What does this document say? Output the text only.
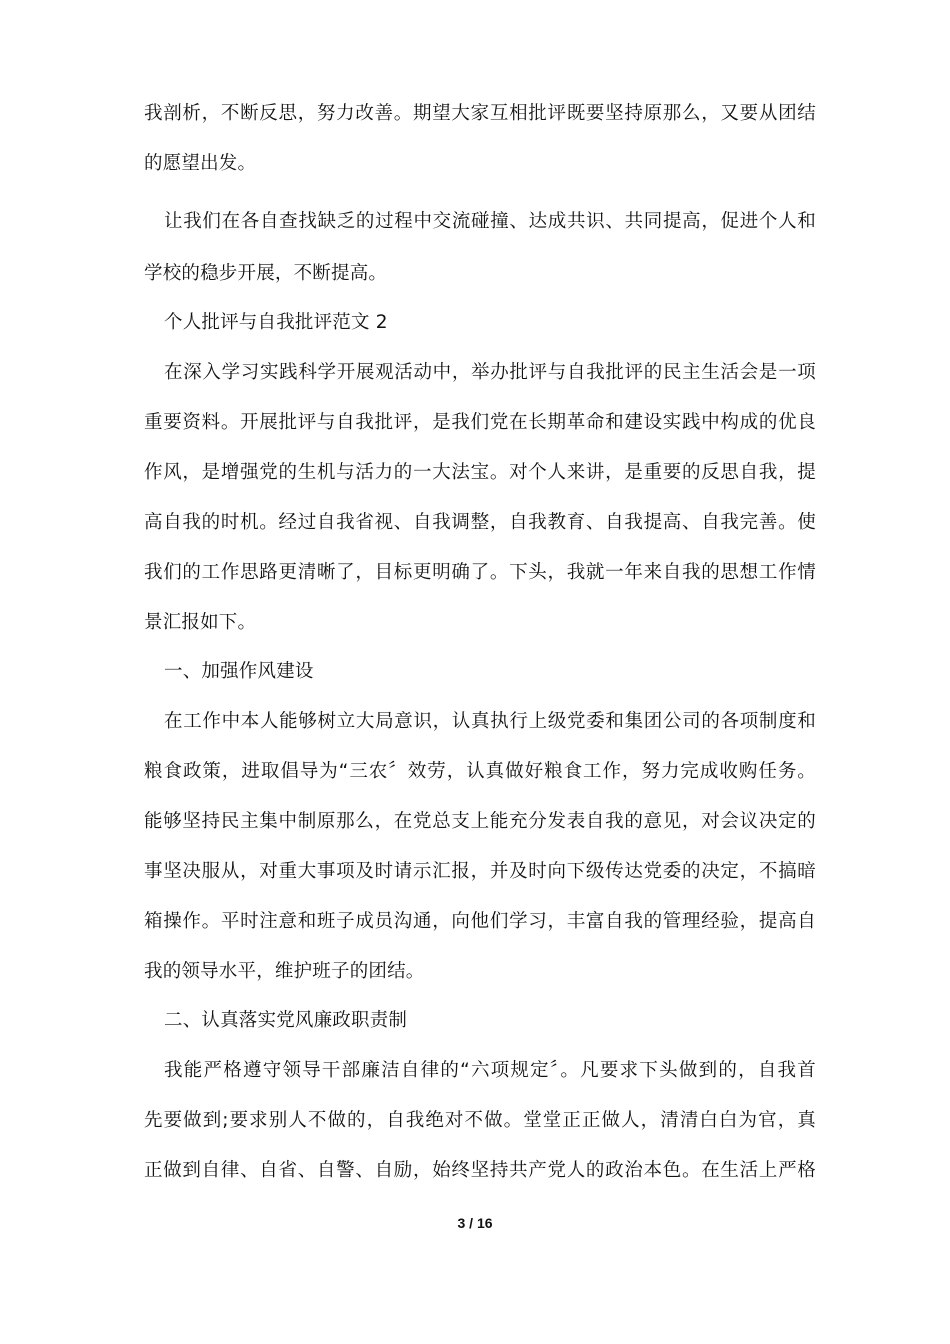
我剖析，不断反思，努力改善。期望大家互相批评既要坚持原那么，又要从团结
的愿望出发。
让我们在各自查找缺乏的过程中交流碰撞、达成共识、共同提高，促进个人和
学校的稳步开展，不断提高。
个人批评与自我批评范文 2
在深入学习实践科学开展观活动中，举办批评与自我批评的民主生活会是一项
重要资料。开展批评与自我批评，是我们党在长期革命和建设实践中构成的优良
作风，是增强党的生机与活力的一大法宝。对个人来讲，是重要的反思自我，提
高自我的时机。经过自我省视、自我调整，自我教育、自我提高、自我完善。使
我们的工作思路更清晰了，目标更明确了。下头，我就一年来自我的思想工作情
景汇报如下。
一、加强作风建设
在工作中本人能够树立大局意识，认真执行上级党委和集团公司的各项制度和
粮食政策，进取倡导为“三农〞效劳，认真做好粮食工作，努力完成收购任务。
能够坚持民主集中制原那么，在党总支上能充分发表自我的意见，对会议决定的
事坚决服从，对重大事项及时请示汇报，并及时向下级传达党委的决定，不搞暗
箱操作。平时注意和班子成员沟通，向他们学习，丰富自我的管理经验，提高自
我的领导水平，维护班子的团结。
二、认真落实党风廉政职责制
我能严格遵守领导干部廉洁自律的“六项规定〞。凡要求下头做到的，自我首
先要做到;要求别人不做的，自我绝对不做。堂堂正正做人，清清白白为官，真
正做到自律、自省、自警、自励，始终坚持共产党人的政治本色。在生活上严格
3 / 16
